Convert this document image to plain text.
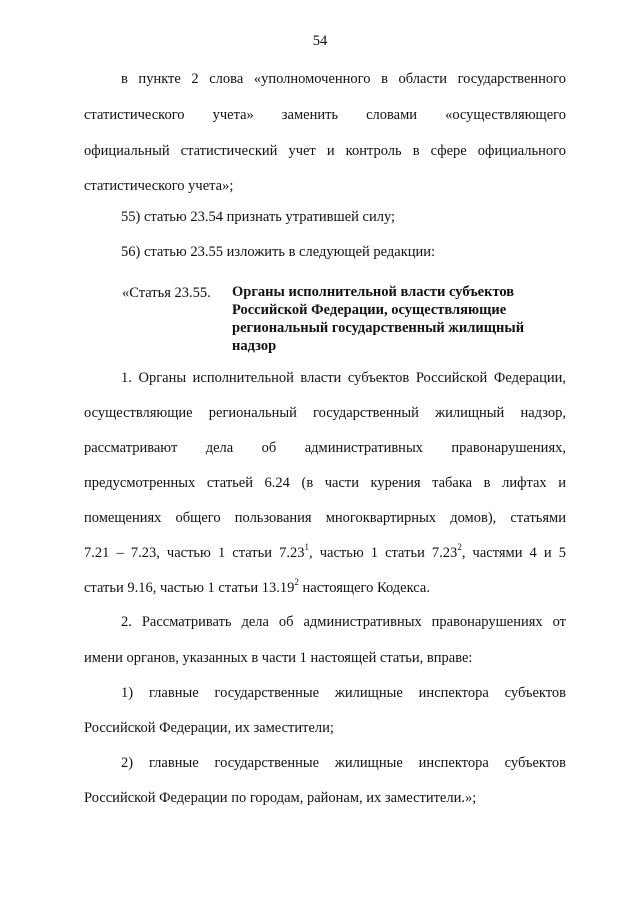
54
в пункте 2 слова «уполномоченного в области государственного
статистического учета» заменить словами «осуществляющего
официальный статистический учет и контроль в сфере официального
статистического учета»;
55) статью 23.54 признать утратившей силу;
56) статью 23.55 изложить в следующей редакции:
«Статья 23.55. Органы исполнительной власти субъектов
Российской Федерации, осуществляющие
региональный государственный жилищный
надзор
1. Органы исполнительной власти субъектов Российской Федерации,
осуществляющие региональный государственный жилищный надзор,
рассматривают дела об административных правонарушениях,
предусмотренных статьей 6.24 (в части курения табака в лифтах и
помещениях общего пользования многоквартирных домов), статьями
7.21 – 7.23, частью 1 статьи 7.23$^1$, частью 1 статьи 7.23$^2$, частями 4 и 5
статьи 9.16, частью 1 статьи 13.19$^2$ настоящего Кодекса.
2. Рассматривать дела об административных правонарушениях от
имени органов, указанных в части 1 настоящей статьи, вправе:
1) главные государственные жилищные инспектора субъектов
Российской Федерации, их заместители;
2) главные государственные жилищные инспектора субъектов
Российской Федерации по городам, районам, их заместители.»;
